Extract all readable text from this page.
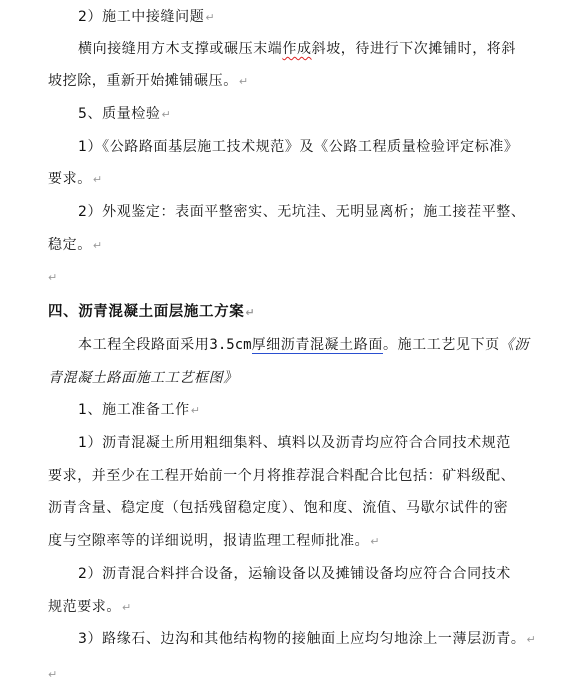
2）施工中接缝问题↵
横向接缝用方木支撑或碾压末端作成斜坡，待进行下次摊铺时，将斜
坡挖除，重新开始摊铺碾压。↵
5、质量检验↵
1）《公路路面基层施工技术规范》及《公路工程质量检验评定标准》
要求。↵
2）外观鉴定：表面平整密实、无坑洼、无明显离析；施工接茬平整、
稳定。↵
↵
四、沥青混凝土面层施工方案↵
本工程全段路面采用3.5cm厚细沥青混凝土路面。施工工艺见下页《沥
青混凝土路面施工工艺框图》
1、施工准备工作↵
1）沥青混凝土所用粗细集料、填料以及沥青均应符合合同技术规范
要求，并至少在工程开始前一个月将推荐混合料配合比包括：矿料级配、
沥青含量、稳定度（包括残留稳定度）、饱和度、流值、马歇尔试件的密
度与空隙率等的详细说明，报请监理工程师批准。↵
2）沥青混合料拌合设备，运输设备以及摊铺设备均应符合合同技术
规范要求。↵
3）路缘石、边沟和其他结构物的接触面上应均匀地涂上一薄层沥青。↵
↵
